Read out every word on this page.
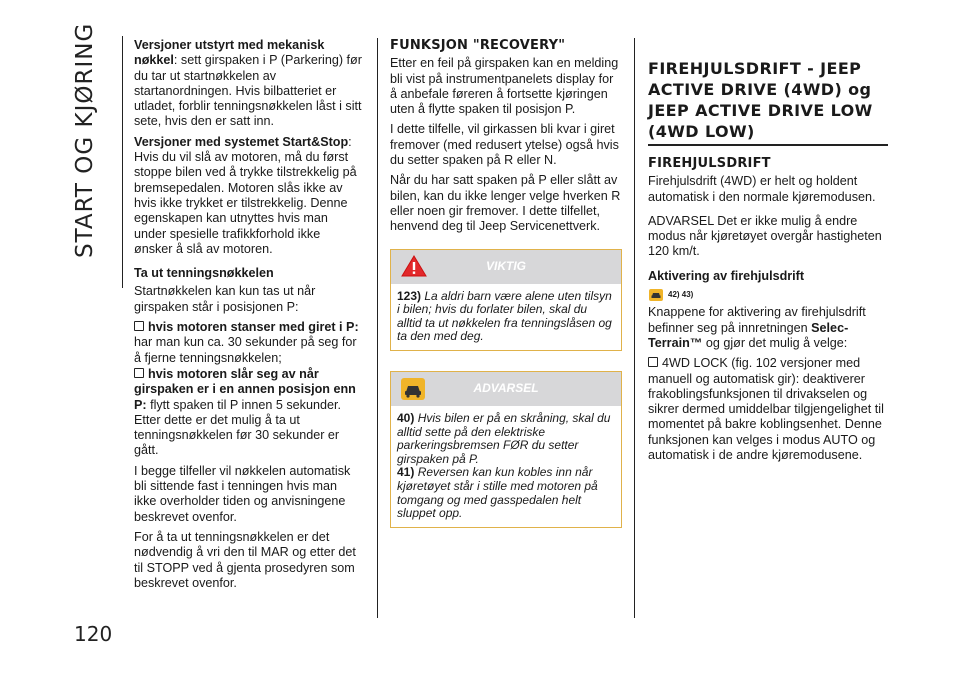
START OG KJØRING
120

Versjoner utstyrt med mekanisk nøkkel: sett girspaken i P (Parkering) før du tar ut startnøkkelen av startanordningen. Hvis bilbatteriet er utladet, forblir tenningsnøkkelen låst i sitt sete, hvis den er satt inn.

Versjoner med systemet Start&Stop: Hvis du vil slå av motoren, må du først stoppe bilen ved å trykke tilstrekkelig på bremsepedalen. Motoren slås ikke av hvis ikke trykket er tilstrekkelig. Denne egenskapen kan utnyttes hvis man under spesielle trafikkforhold ikke ønsker å slå av motoren.

Ta ut tenningsnøkkelen

Startnøkkelen kan kun tas ut når girspaken står i posisjonen P:

hvis motoren stanser med giret i P: har man kun ca. 30 sekunder på seg for å fjerne tenningsnøkkelen;

hvis motoren slår seg av når girspaken er i en annen posisjon enn P: flytt spaken til P innen 5 sekunder. Etter dette er det mulig å ta ut tenningsnøkkelen før 30 sekunder er gått.

I begge tilfeller vil nøkkelen automatisk bli sittende fast i tenningen hvis man ikke overholder tiden og anvisningene beskrevet ovenfor.

For å ta ut tenningsnøkkelen er det nødvendig å vri den til MAR og etter det til STOPP ved å gjenta prosedyren som beskrevet ovenfor.

FUNKSJON "RECOVERY"

Etter en feil på girspaken kan en melding bli vist på instrumentpanelets display for å anbefale føreren å fortsette kjøringen uten å flytte spaken til posisjon P.

I dette tilfelle, vil girkassen bli kvar i giret fremover (med redusert ytelse) også hvis du setter spaken på R eller N.

Når du har satt spaken på P eller slått av bilen, kan du ikke lenger velge hverken R eller noen gir fremover. I dette tilfellet, henvend deg til Jeep Servicenettverk.

VIKTIG
123) La aldri barn være alene uten tilsyn i bilen; hvis du forlater bilen, skal du alltid ta ut nøkkelen fra tenningslåsen og ta den med deg.
ADVARSEL
40) Hvis bilen er på en skråning, skal du alltid sette på den elektriske parkeringsbremsen FØR du setter girspaken på P.
41) Reversen kan kun kobles inn når kjøretøyet står i stille med motoren på tomgang og med gasspedalen helt sluppet opp.
FIREHJULSDRIFT - JEEP
ACTIVE DRIVE (4WD) og
JEEP ACTIVE DRIVE LOW
(4WD LOW)
FIREHJULSDRIFT

Firehjulsdrift (4WD) er helt og holdent automatisk i den normale kjøremodusen.

ADVARSEL Det er ikke mulig å endre modus når kjøretøyet overgår hastigheten 120 km/t.

Aktivering av firehjulsdrift

42) 43)

Knappene for aktivering av firehjulsdrift befinner seg på innretningen Selec-Terrain™ og gjør det mulig å velge:

4WD LOCK (fig. 102 versjoner med manuell og automatisk gir): deaktiverer frakoblingsfunksjonen til drivakselen og sikrer dermed umiddelbar tilgjengelighet til momentet på bakre koblingsenhet. Denne funksjonen kan velges i modus AUTO og automatisk i de andre kjøremodusene.
